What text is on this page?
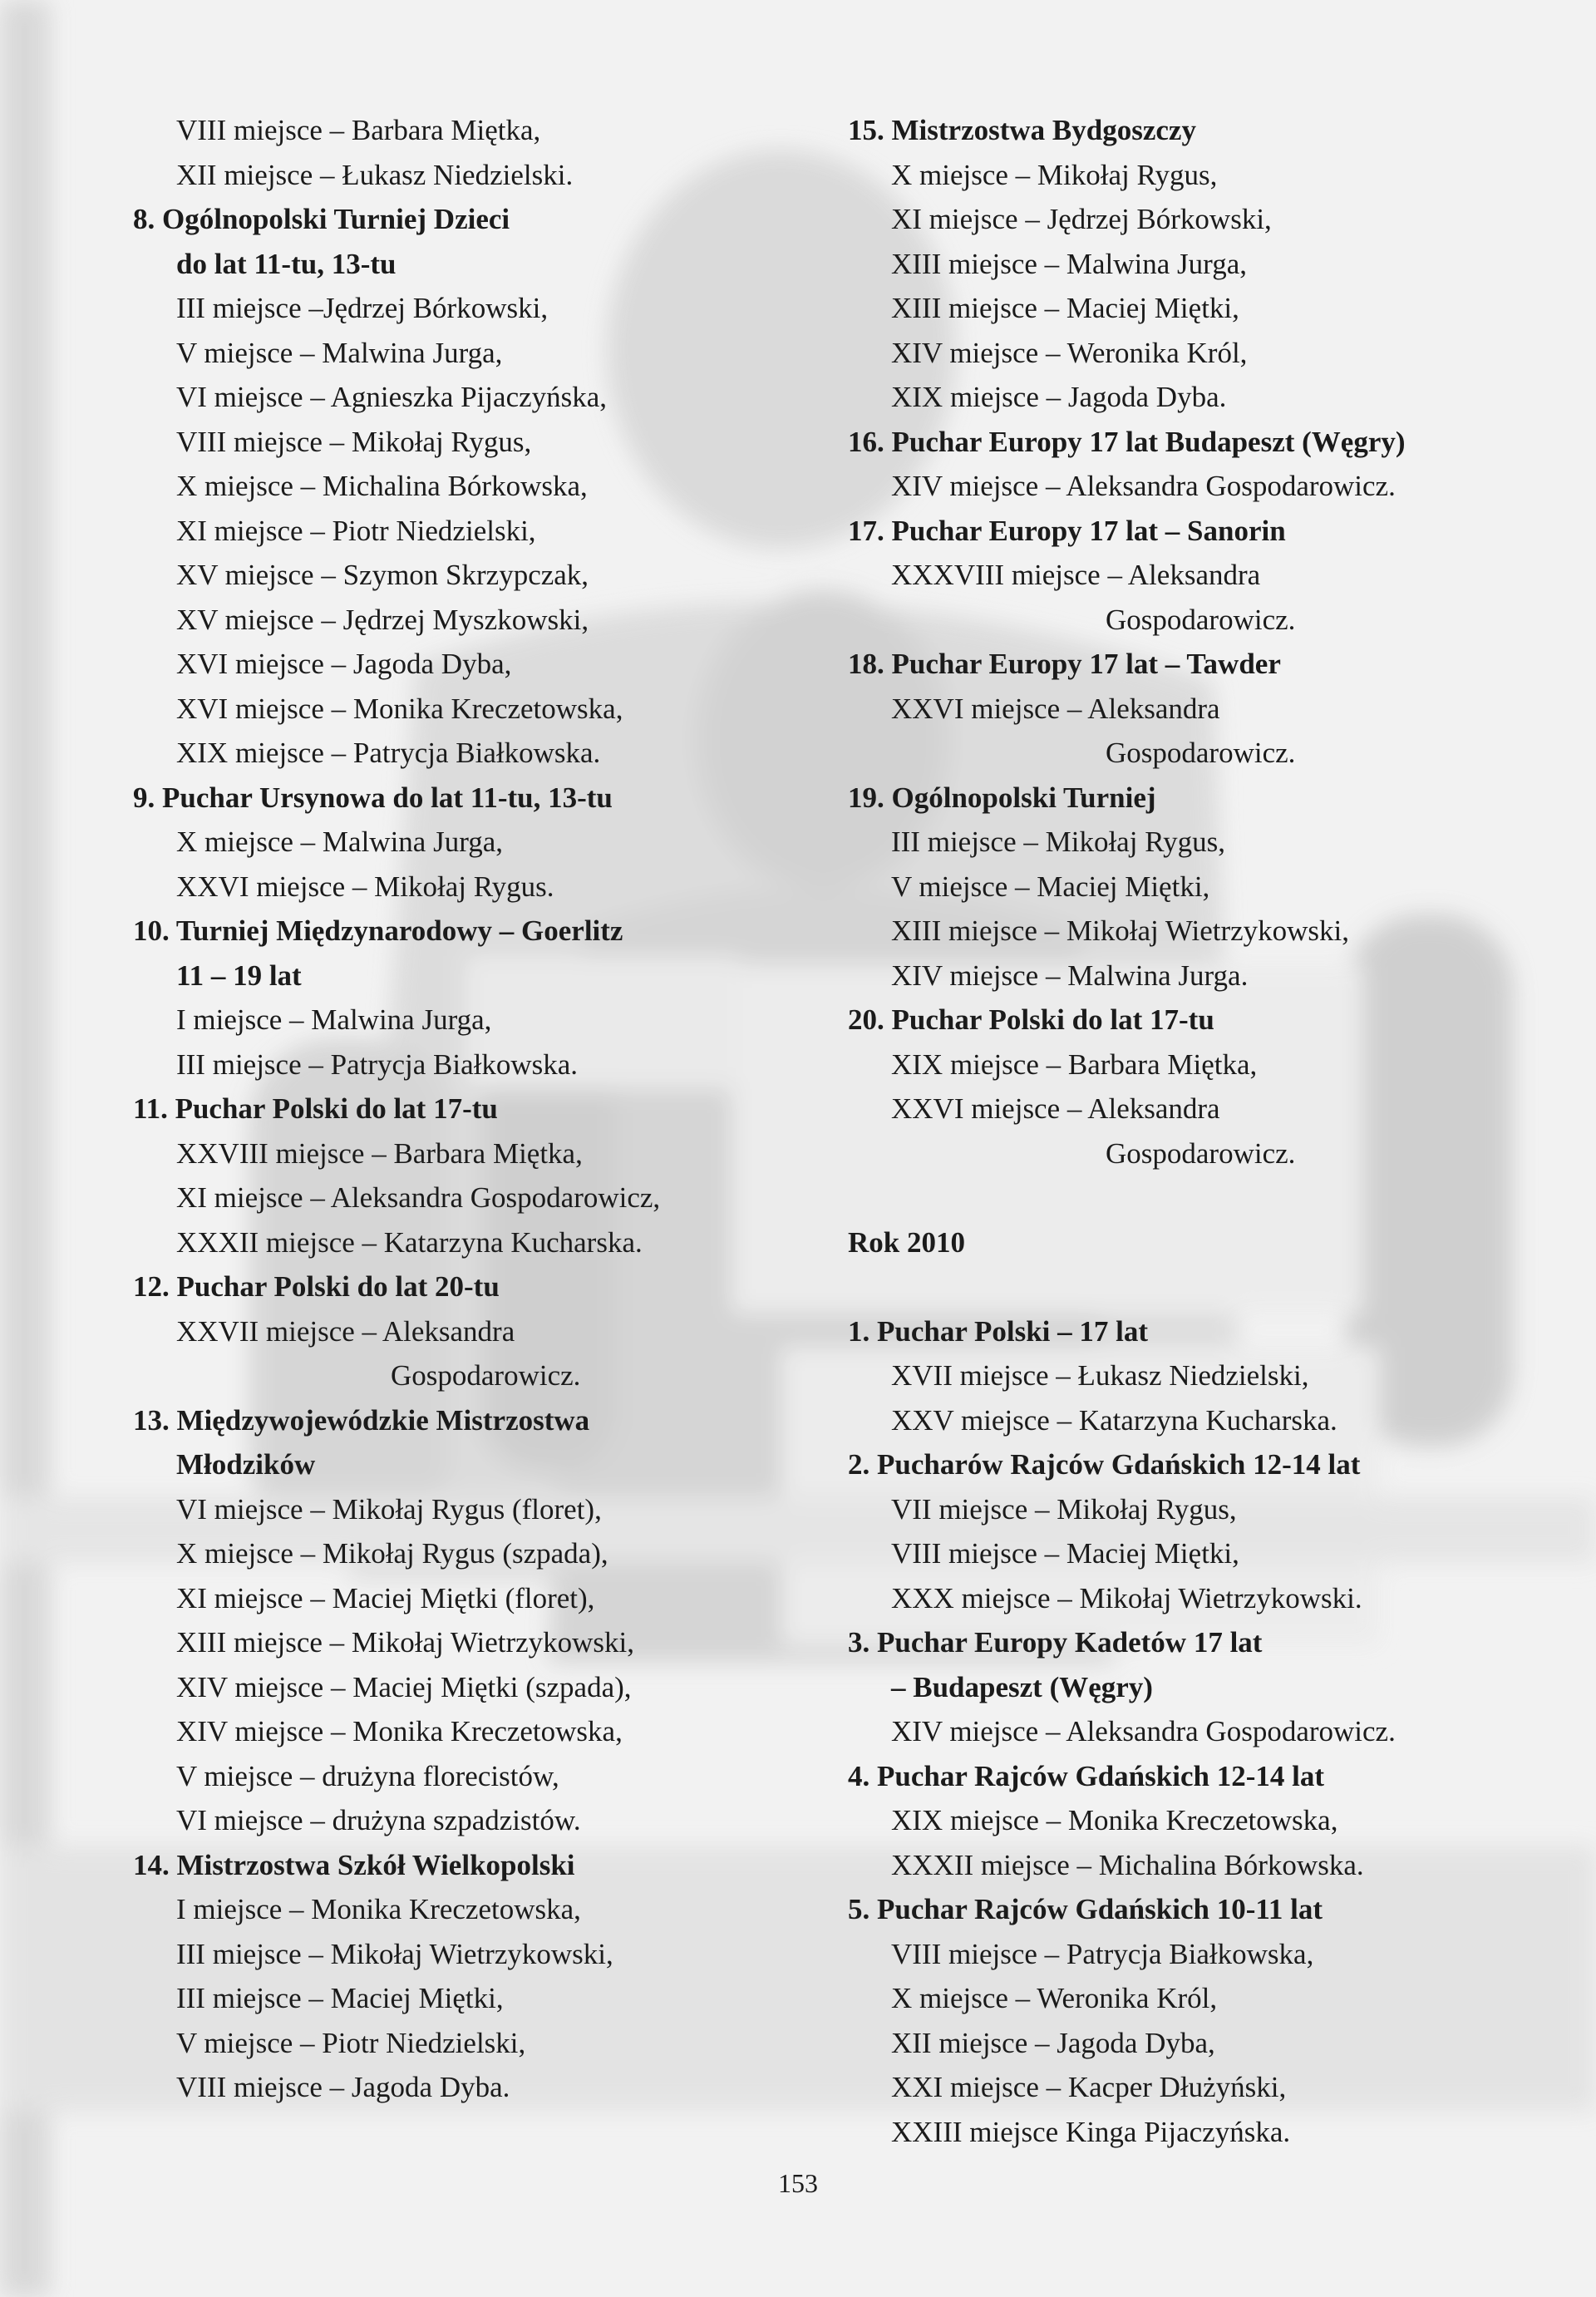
VIII miejsce – Barbara Miętka,
XII miejsce – Łukasz Niedzielski.
8. Ogólnopolski Turniej Dzieci
do lat 11-tu, 13-tu
III miejsce –Jędrzej Bórkowski,
V miejsce – Malwina Jurga,
VI miejsce – Agnieszka Pijaczyńska,
VIII miejsce – Mikołaj Rygus,
X miejsce – Michalina Bórkowska,
XI miejsce – Piotr Niedzielski,
XV miejsce – Szymon Skrzypczak,
XV miejsce – Jędrzej Myszkowski,
XVI miejsce – Jagoda Dyba,
XVI miejsce – Monika Kreczetowska,
XIX miejsce – Patrycja Białkowska.
9. Puchar Ursynowa do lat 11-tu, 13-tu
X miejsce – Malwina Jurga,
XXVI miejsce – Mikołaj Rygus.
10. Turniej Międzynarodowy – Goerlitz
11 – 19 lat
I miejsce – Malwina Jurga,
III miejsce – Patrycja Białkowska.
11. Puchar Polski do lat 17-tu
XXVIII miejsce – Barbara Miętka,
XI miejsce – Aleksandra Gospodarowicz,
XXXII miejsce – Katarzyna Kucharska.
12. Puchar Polski do lat 20-tu
XXVII miejsce – Aleksandra
Gospodarowicz.
13. Międzywojewódzkie Mistrzostwa
Młodzików
VI miejsce – Mikołaj Rygus (floret),
X miejsce – Mikołaj Rygus (szpada),
XI miejsce – Maciej Miętki (floret),
XIII miejsce – Mikołaj Wietrzykowski,
XIV miejsce – Maciej Miętki (szpada),
XIV miejsce – Monika Kreczetowska,
V miejsce – drużyna florecistów,
VI miejsce – drużyna szpadzistów.
14. Mistrzostwa Szkół Wielkopolski
I miejsce – Monika Kreczetowska,
III miejsce – Mikołaj Wietrzykowski,
III miejsce – Maciej Miętki,
V miejsce – Piotr Niedzielski,
VIII miejsce – Jagoda Dyba.
15. Mistrzostwa Bydgoszczy
X miejsce – Mikołaj Rygus,
XI miejsce – Jędrzej Bórkowski,
XIII miejsce – Malwina Jurga,
XIII miejsce – Maciej Miętki,
XIV miejsce – Weronika Król,
XIX miejsce – Jagoda Dyba.
16. Puchar Europy 17 lat Budapeszt (Węgry)
XIV miejsce – Aleksandra Gospodarowicz.
17. Puchar Europy 17 lat – Sanorin
XXXVIII miejsce – Aleksandra
Gospodarowicz.
18. Puchar Europy 17 lat – Tawder
XXVI miejsce – Aleksandra
Gospodarowicz.
19. Ogólnopolski Turniej
III miejsce – Mikołaj Rygus,
V miejsce – Maciej Miętki,
XIII miejsce – Mikołaj Wietrzykowski,
XIV miejsce – Malwina Jurga.
20. Puchar Polski do lat 17-tu
XIX miejsce – Barbara Miętka,
XXVI miejsce – Aleksandra
Gospodarowicz.
Rok 2010
1. Puchar Polski – 17 lat
XVII miejsce – Łukasz Niedzielski,
XXV miejsce – Katarzyna Kucharska.
2. Pucharów Rajców Gdańskich 12-14 lat
VII miejsce – Mikołaj Rygus,
VIII miejsce – Maciej Miętki,
XXX miejsce – Mikołaj Wietrzykowski.
3. Puchar Europy Kadetów 17 lat
– Budapeszt (Węgry)
XIV miejsce – Aleksandra Gospodarowicz.
4. Puchar Rajców Gdańskich 12-14 lat
XIX miejsce – Monika Kreczetowska,
XXXII miejsce – Michalina Bórkowska.
5. Puchar Rajców Gdańskich 10-11 lat
VIII miejsce – Patrycja Białkowska,
X miejsce – Weronika Król,
XII miejsce – Jagoda Dyba,
XXI miejsce – Kacper Dłużyński,
XXIII miejsce Kinga Pijaczyńska.
153
